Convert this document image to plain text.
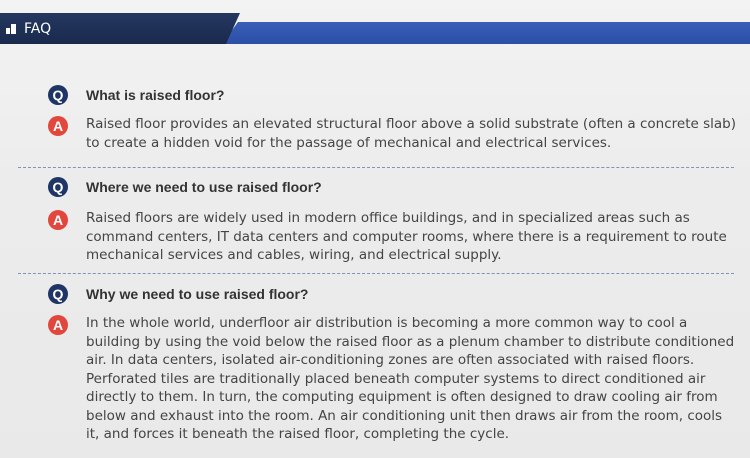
FAQ
Q	What is raised floor?
A	Raised floor provides an elevated structural floor above a solid substrate (often a concrete slab) to create a hidden void for the passage of mechanical and electrical services.
Q	Where we need to use raised floor?
A	Raised floors are widely used in modern office buildings, and in specialized areas such as command centers, IT data centers and computer rooms, where there is a requirement to route mechanical services and cables, wiring, and electrical supply.
Q	Why we need to use raised floor?
A	In the whole world, underfloor air distribution is becoming a more common way to cool a building by using the void below the raised floor as a plenum chamber to distribute conditioned air. In data centers, isolated air-conditioning zones are often associated with raised floors. Perforated tiles are traditionally placed beneath computer systems to direct conditioned air directly to them. In turn, the computing equipment is often designed to draw cooling air from below and exhaust into the room. An air conditioning unit then draws air from the room, cools it, and forces it beneath the raised floor, completing the cycle.
